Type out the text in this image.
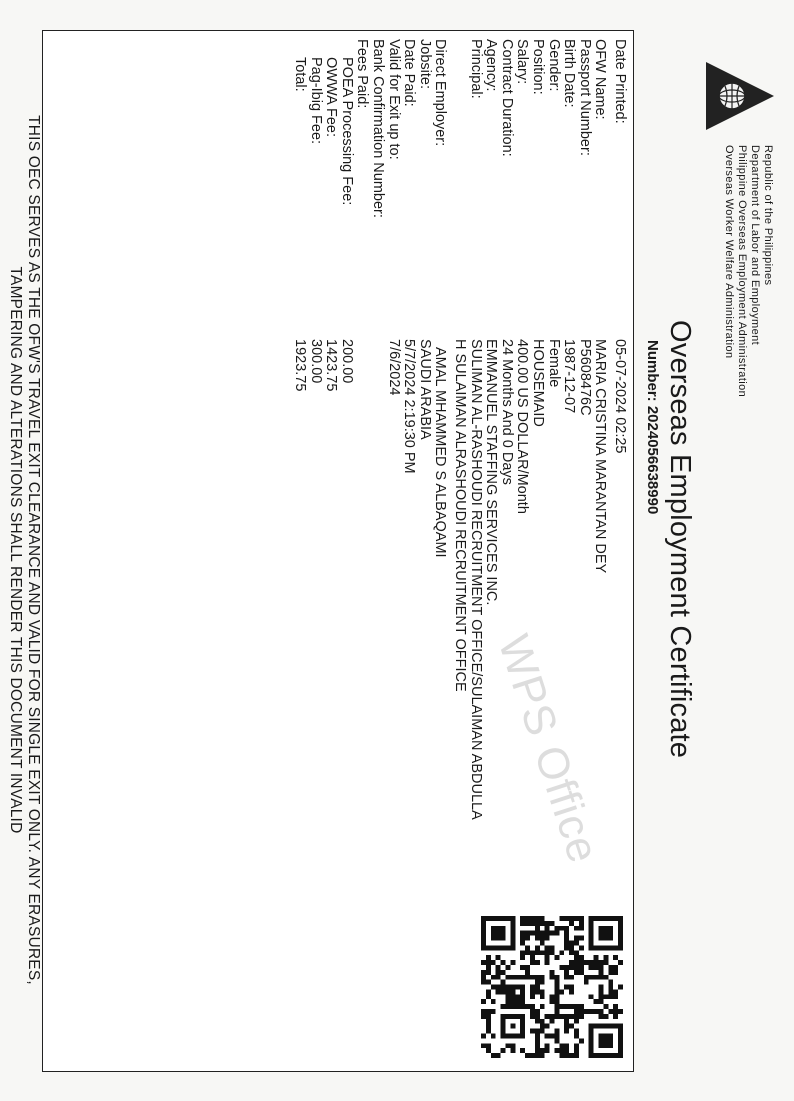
Republic of the Philippines
Department of Labor and Employment
Philippine Overseas Employment Administration
Overseas Worker Welfare Administration
Overseas Employment Certificate
Number: 20240566389​90
WPS Office
Date Printed:
05-07-2024 02:25
OFW Name:
MARIA CRISTINA MARANTAN DEY
Passport Number:
P5608476C
Birth Date:
1987-12-07
Gender:
Female
Position:
HOUSEMAID
Salary:
400.00 US DOLLAR/Month
Contract Duration:
24 Months And 0 Days
Agency:
EMMANUEL STAFFING SERVICES INC.
Principal:
SULIMAN AL-RASHOUDI RECRUITMENT OFFICE/SULAIMAN ABDULLA
H SULAIMAN ALRASHOUDI RECRUITMENT OFFICE
Direct Employer:
AMAL MHAMMED S ALBAQAMI
Jobsite:
SAUDI ARABIA
Date Paid:
5/7/2024 2:19:30 PM
Valid for Exit up to:
7/6/2024
Bank Confirmation Number:
Fees Paid:
POEA Processing Fee:
200.00
OWWA Fee:
1423.75
Pag-Ibig Fee:
300.00
Total:
1923.75
THIS OEC SERVES AS THE OFW'S TRAVEL EXIT CLEARANCE AND VALID FOR SINGLE EXIT ONLY. ANY ERASURES,
TAMPERING AND ALTERATIONS SHALL RENDER THIS DOCUMENT INVALID
